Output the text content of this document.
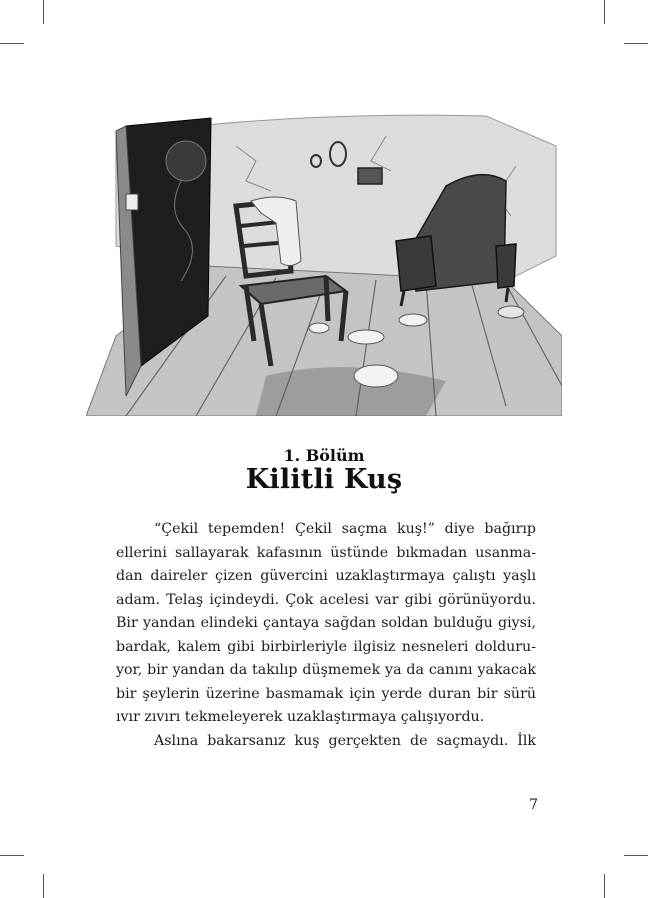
1. Bölüm
Kilitli Kuş
“Çekil tepemden! Çekil saçma kuş!” diye bağırıp
ellerini sallayarak kafasının üstünde bıkmadan usanma-
dan daireler çizen güvercini uzaklaştırmaya çalıştı yaşlı
adam. Telaş içindeydi. Çok acelesi var gibi görünüyordu.
Bir yandan elindeki çantaya sağdan soldan bulduğu giysi,
bardak, kalem gibi birbirleriyle ilgisiz nesneleri dolduru-
yor, bir yandan da takılıp düşmemek ya da canını yakacak
bir şeylerin üzerine basmamak için yerde duran bir sürü
ıvır zıvırı tekmeleyerek uzaklaştırmaya çalışıyordu.
Aslına bakarsanız kuş gerçekten de saçmaydı. İlk
7
